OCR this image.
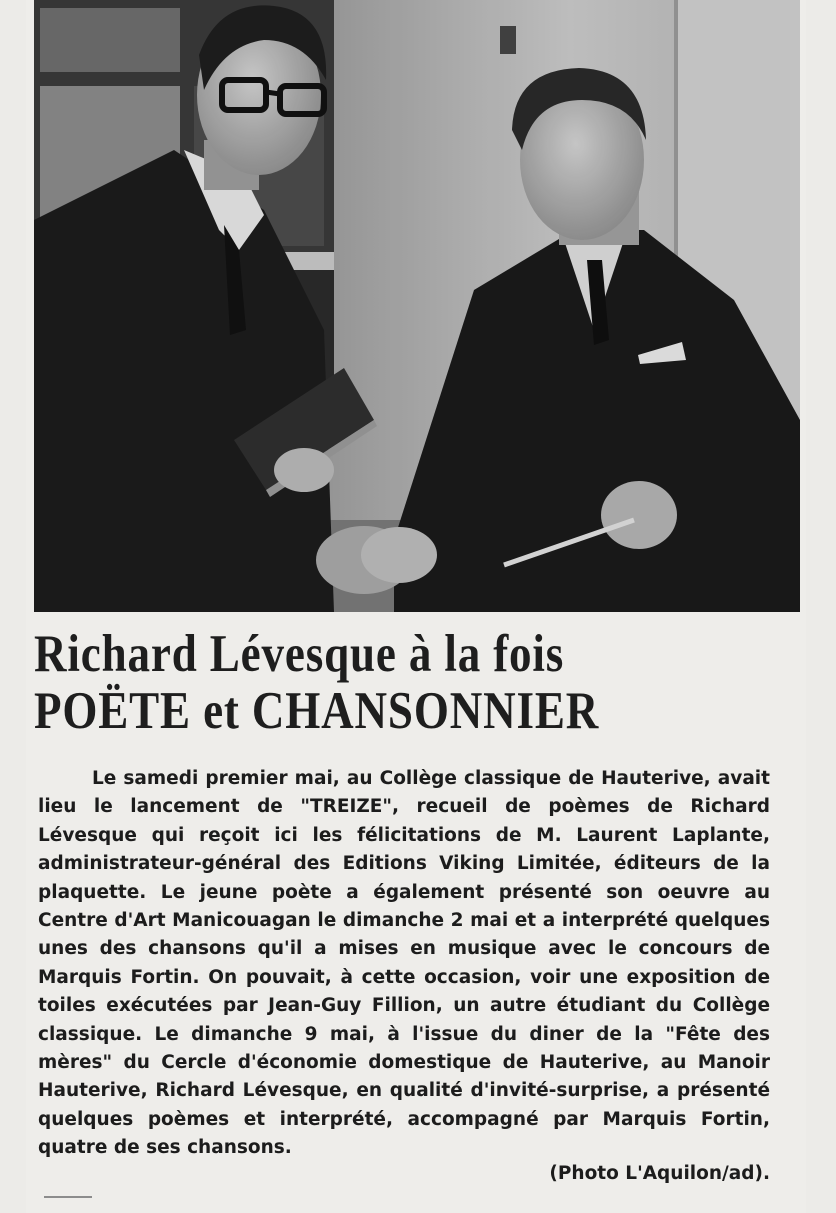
Richard Lévesque à la fois
POËTE et CHANSONNIER

Le samedi premier mai, au Collège classique de Hauterive, avait lieu le lancement de "TREIZE", recueil de poèmes de Richard Lévesque qui reçoit ici les félicitations de M. Laurent Laplante, administrateur-général des Editions Viking Limitée, éditeurs de la plaquette. Le jeune poète a également présenté son oeuvre au Centre d'Art Manicouagan le dimanche 2 mai et a interprété quelques unes des chansons qu'il a mises en musique avec le concours de Marquis Fortin. On pouvait, à cette occasion, voir une exposition de toiles exécutées par Jean-Guy Fillion, un autre étudiant du Collège classique. Le dimanche 9 mai, à l'issue du diner de la "Fête des mères" du Cercle d'économie domestique de Hauterive, au Manoir Hauterive, Richard Lévesque, en qualité d'invité-surprise, a présenté quelques poèmes et interprété, accompagné par Marquis Fortin, quatre de ses chansons.

(Photo L'Aquilon/ad).
